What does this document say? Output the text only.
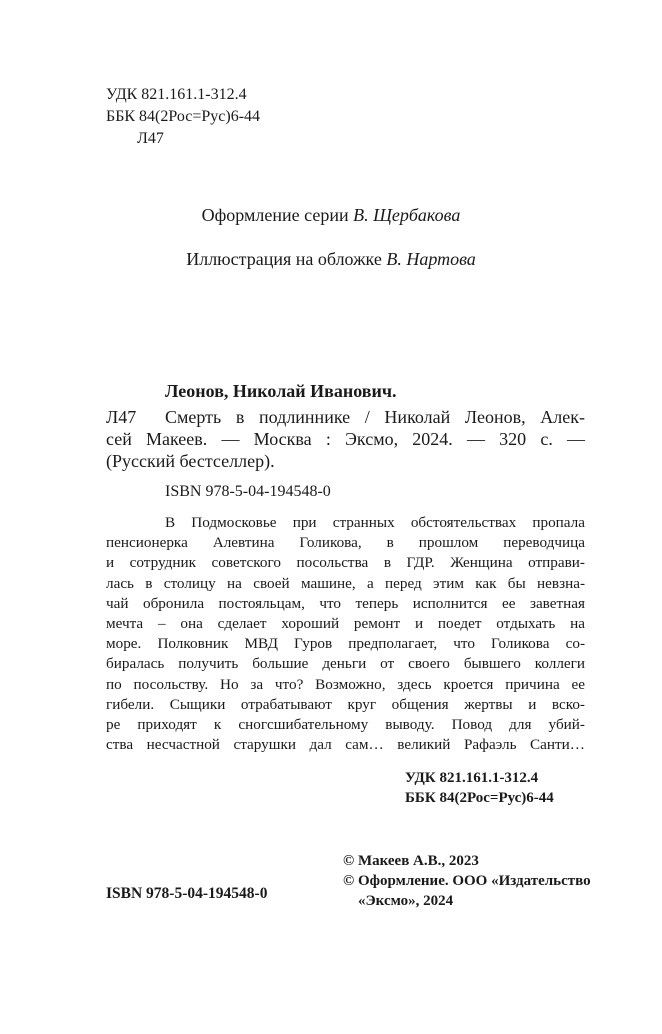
УДК 821.161.1-312.4
ББК 84(2Рос=Рус)6-44
Л47
Оформление серии В. Щербакова
Иллюстрация на обложке В. Нартова
Леонов, Николай Иванович.
Л47 Смерть в подлиннике / Николай Леонов, Алек-
сей Макеев. — Москва : Эксмо, 2024. — 320 с. —
(Русский бестселлер).
ISBN 978-5-04-194548-0
В Подмосковье при странных обстоятельствах пропала
пенсионерка Алевтина Голикова, в прошлом переводчица
и сотрудник советского посольства в ГДР. Женщина отправи-
лась в столицу на своей машине, а перед этим как бы невзна-
чай обронила постояльцам, что теперь исполнится ее заветная
мечта – она сделает хороший ремонт и поедет отдыхать на
море. Полковник МВД Гуров предполагает, что Голикова со-
биралась получить большие деньги от своего бывшего коллеги
по посольству. Но за что? Возможно, здесь кроется причина ее
гибели. Сыщики отрабатывают круг общения жертвы и вско-
ре приходят к сногсшибательному выводу. Повод для убий-
ства несчастной старушки дал сам… великий Рафаэль Санти…
УДК 821.161.1-312.4
ББК 84(2Рос=Рус)6-44
© Макеев А.В., 2023
© Оформление. ООО «Издательство
«Эксмо», 2024
ISBN 978-5-04-194548-0
